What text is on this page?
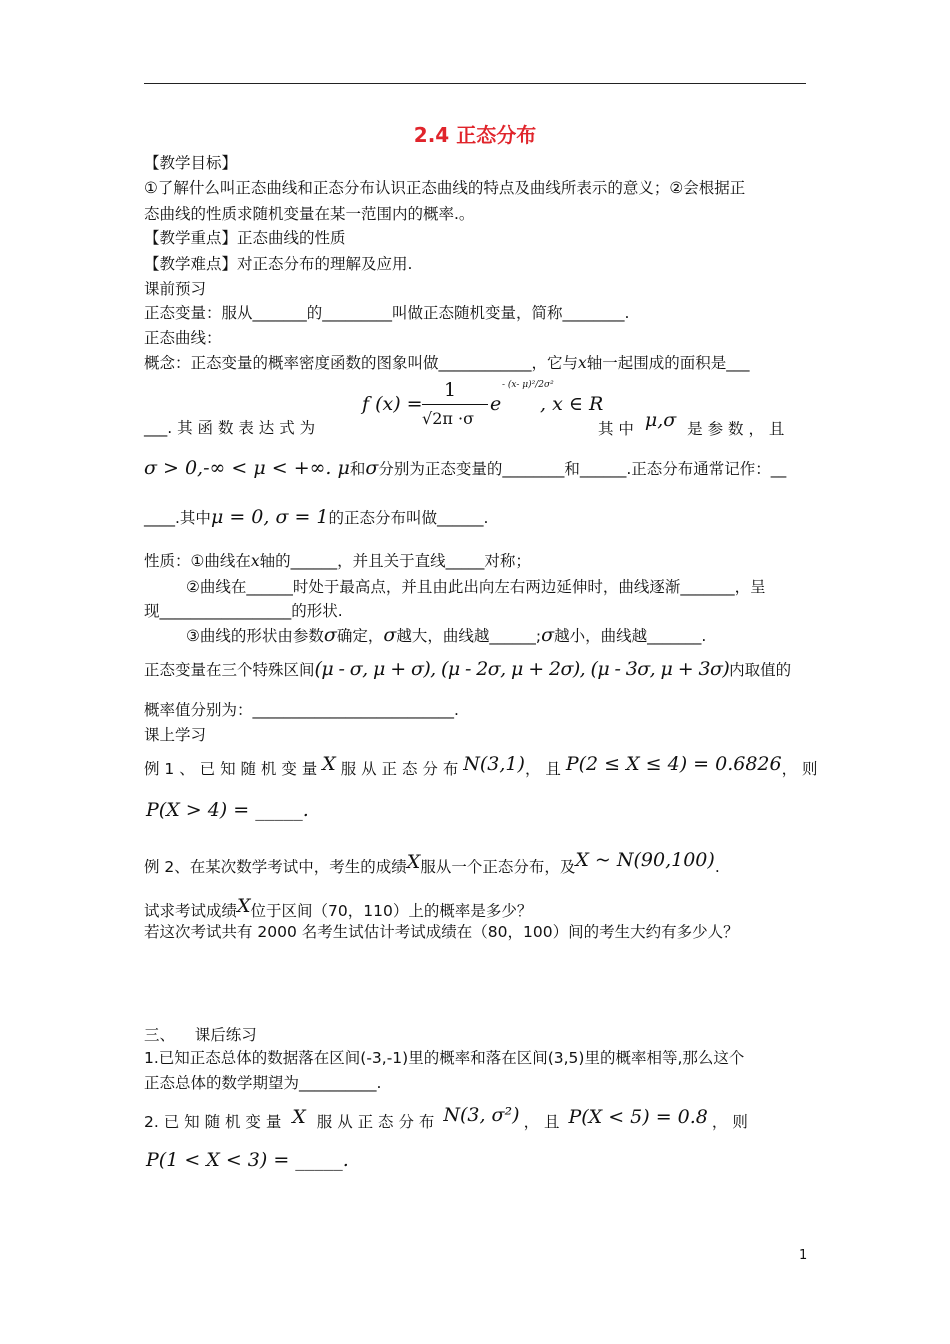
2.4 正态分布
【教学目标】
①了解什么叫正态曲线和正态分布认识正态曲线的特点及曲线所表示的意义；②会根据正
态曲线的性质求随机变量在某一范围内的概率.。
【教学重点】正态曲线的性质
【教学难点】对正态分布的理解及应用.
课前预习
正态变量：服从_______的_________叫做正态随机变量，简称________.
正态曲线：
概念：正态变量的概率密度函数的图象叫做____________，它与x轴一起围成的面积是___
f (x) =
1
√2π ·σ
e
- (x- μ)²/2σ²
, x ∈ R
___. 其 函 数 表 达 式 为	其 中 μ,σ 是 参 数 ， 且
σ > 0,-∞ < μ < +∞. μ和σ分别为正态变量的________和______.正态分布通常记作：__
____.其中μ = 0, σ = 1的正态分布叫做______.
性质：①曲线在x轴的______，并且关于直线_____对称；
②曲线在______时处于最高点，并且由此出向左右两边延伸时，曲线逐渐_______，呈
现_________________的形状.
③曲线的形状由参数σ确定，σ越大，曲线越______;σ越小，曲线越_______.
正态变量在三个特殊区间(μ - σ, μ + σ), (μ - 2σ, μ + 2σ), (μ - 3σ, μ + 3σ)内取值的
概率值分别为：__________________________.
课上学习
例 1 、 已 知 随 机 变 量 X 服 从 正 态 分 布 N(3,1)， 且 P(2 ≤ X ≤ 4) = 0.6826， 则
P(X > 4) = _____.
例 2、在某次数学考试中，考生的成绩X服从一个正态分布，及X ~ N(90,100).
试求考试成绩X位于区间（70，110）上的概率是多少？
若这次考试共有 2000 名考生试估计考试成绩在（80，100）间的考生大约有多少人？
三、    课后练习
1.已知正态总体的数据落在区间(-3,-1)里的概率和落在区间(3,5)里的概率相等,那么这个
正态总体的数学期望为__________.
2. 已 知 随 机 变 量 X 服 从 正 态 分 布 N(3, σ²) ， 且 P(X < 5) = 0.8 ， 则
P(1 < X < 3) = _____.
1
